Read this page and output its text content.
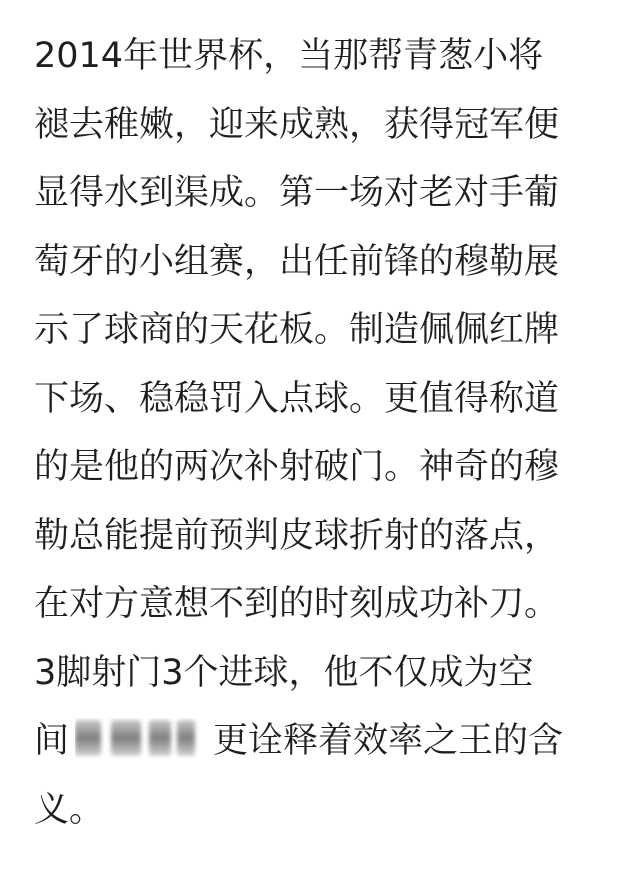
2014年世界杯，当那帮青葱小将
褪去稚嫩，迎来成熟，获得冠军便
显得水到渠成。第一场对老对手葡
萄牙的小组赛，出任前锋的穆勒展
示了球商的天花板。制造佩佩红牌
下场、稳稳罚入点球。更值得称道
的是他的两次补射破门。神奇的穆
勒总能提前预判皮球折射的落点，
在对方意想不到的时刻成功补刀。
3脚射门3个进球，他不仅成为空
间	更诠释着效率之王的含
义。
